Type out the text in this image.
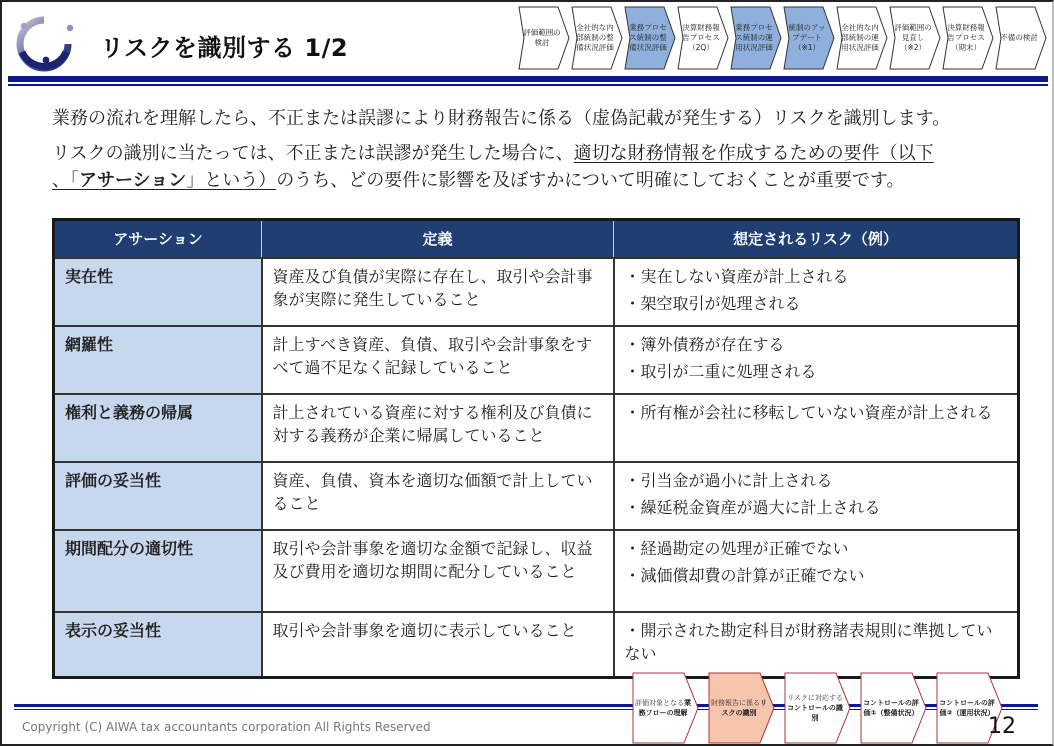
リスクを識別する 1/2
評価範囲の検討
全社的な内部統制の整備状況評価
業務プロセス統制の整備状況評価
決算財務報告プロセス（2Q）
業務プロセス統制の運用状況評価
統制のアップデート（※1）
全社的な内部統制の運用状況評価
評価範囲の見直し（※2）
決算財務報告プロセス（期末）
不備の検討

業務の流れを理解したら、不正または誤謬により財務報告に係る（虚偽記載が発生する）リスクを識別します。

リスクの識別に当たっては、不正または誤謬が発生した場合に、適切な財務情報を作成するための要件（以下

、「アサーション」という）のうち、どの要件に影響を及ぼすかについて明確にしておくことが重要です。

アサーション	定義	想定されるリスク（例）
実在性	資産及び負債が実際に存在し、取引や会計事象が実際に発生していること	・実在しない資産が計上される
・架空取引が処理される

網羅性	計上すべき資産、負債、取引や会計事象をすべて過不足なく記録していること	・簿外債務が存在する
・取引が二重に処理される

権利と義務の帰属	計上されている資産に対する権利及び負債に対する義務が企業に帰属していること	・所有権が会社に移転していない資産が計上される

評価の妥当性	資産、負債、資本を適切な価額で計上していること	・引当金が過小に計上される
・繰延税金資産が過大に計上される

期間配分の適切性	取引や会計事象を適切な金額で記録し、収益及び費用を適切な期間に配分していること	・経過勘定の処理が正確でない
・減価償却費の計算が正確でない

表示の妥当性	取引や会計事象を適切に表示していること	・開示された勘定科目が財務諸表規則に準拠していない
評価対象となる業務フローの理解
財務報告に係るリスクの識別
リスクに対応するコントロールの識別
コントロールの評価①（整備状況）
コントロールの評価②（運用状況）
Copyright (C) AIWA tax accountants corporation All Rights Reserved	12
